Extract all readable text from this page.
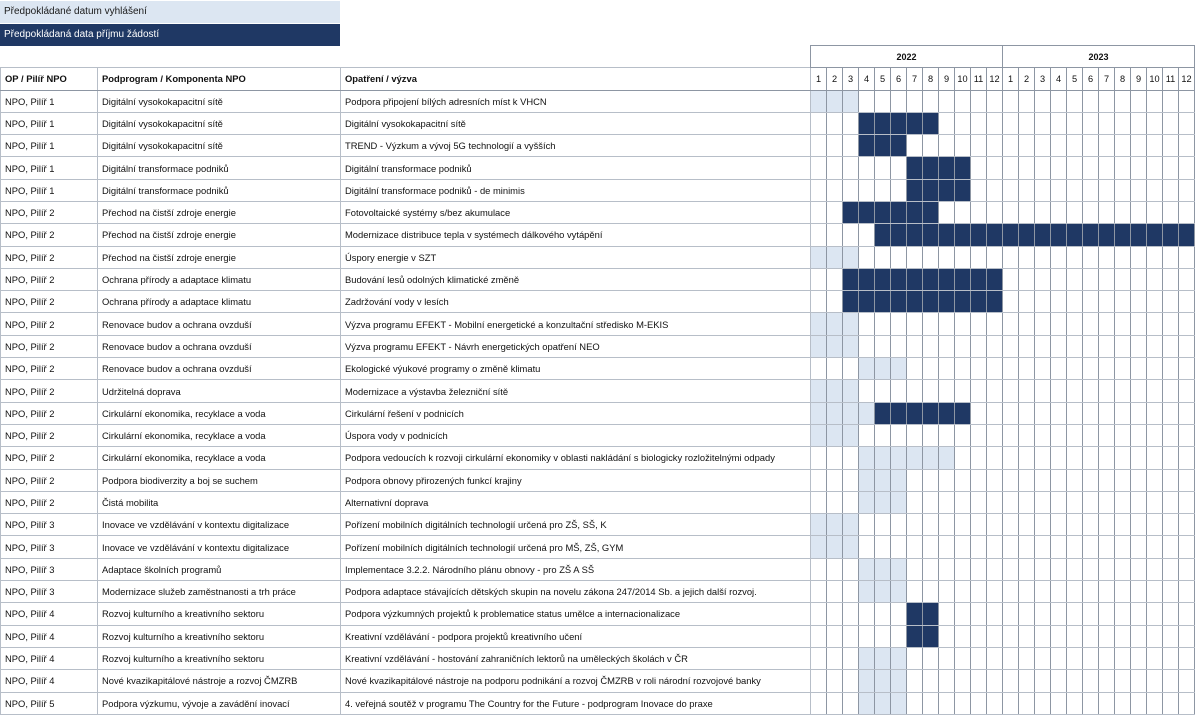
Předpokládané datum vyhlášení
Předpokládaná data příjmu žádostí
			2022												2023											
OP / Pilíř NPO	Podprogram / Komponenta NPO	Opatření / výzva	1	2	3	4	5	6	7	8	9	10	11	12	1	2	3	4	5	6	7	8	9	10	11	12
NPO, Pilíř 1	Digitální vysokokapacitní sítě	Podpora připojení bílých adresních míst k VHCN																								
NPO, Pilíř 1	Digitální vysokokapacitní sítě	Digitální vysokokapacitní sítě																								
NPO, Pilíř 1	Digitální vysokokapacitní sítě	TREND - Výzkum a vývoj 5G technologií a vyšších																								
NPO, Pilíř 1	Digitální transformace podniků	Digitální transformace podniků																								
NPO, Pilíř 1	Digitální transformace podniků	Digitální transformace podniků - de minimis																								
NPO, Pilíř 2	Přechod na čistší zdroje energie	Fotovoltaické systémy s/bez akumulace																								
NPO, Pilíř 2	Přechod na čistší zdroje energie	Modernizace distribuce tepla v systémech dálkového vytápění																								
NPO, Pilíř 2	Přechod na čistší zdroje energie	Úspory energie v SZT																								
NPO, Pilíř 2	Ochrana přírody a adaptace klimatu	Budování lesů odolných klimatické změně																								
NPO, Pilíř 2	Ochrana přírody a adaptace klimatu	Zadržování vody v lesích																								
NPO, Pilíř 2	Renovace budov a ochrana ovzduší	Výzva programu EFEKT - Mobilní energetické a konzultační středisko M-EKIS																								
NPO, Pilíř 2	Renovace budov a ochrana ovzduší	Výzva programu EFEKT - Návrh energetických opatření NEO																								
NPO, Pilíř 2	Renovace budov a ochrana ovzduší	Ekologické výukové programy o změně klimatu																								
NPO, Pilíř 2	Udržitelná doprava	Modernizace a výstavba železniční sítě																								
NPO, Pilíř 2	Cirkulární ekonomika, recyklace a voda	Cirkulární řešení v podnicích																								
NPO, Pilíř 2	Cirkulární ekonomika, recyklace a voda	Úspora vody v podnicích																								
NPO, Pilíř 2	Cirkulární ekonomika, recyklace a voda	Podpora vedoucích k rozvoji cirkulární ekonomiky v oblasti nakládání s biologicky rozložitelnými odpady																								
NPO, Pilíř 2	Podpora biodiverzity a boj se suchem	Podpora obnovy přirozených funkcí krajiny																								
NPO, Pilíř 2	Čistá mobilita	Alternativní doprava																								
NPO, Pilíř 3	Inovace ve vzdělávání v kontextu digitalizace	Pořízení mobilních digitálních technologií určená pro ZŠ, SŠ, K																								
NPO, Pilíř 3	Inovace ve vzdělávání v kontextu digitalizace	Pořízení mobilních digitálních technologií určená pro MŠ, ZŠ, GYM																								
NPO, Pilíř 3	Adaptace školních programů	Implementace 3.2.2. Národního plánu obnovy - pro ZŠ A SŠ																								
NPO, Pilíř 3	Modernizace služeb zaměstnanosti a trh práce	Podpora adaptace stávajících dětských skupin na novelu zákona 247/2014 Sb. a jejich další rozvoj.																								
NPO, Pilíř 4	Rozvoj kulturního a kreativního sektoru	Podpora výzkumných projektů k problematice status umělce a internacionalizace																								
NPO, Pilíř 4	Rozvoj kulturního a kreativního sektoru	Kreativní vzdělávání - podpora projektů kreativního učení																								
NPO, Pilíř 4	Rozvoj kulturního a kreativního sektoru	Kreativní vzdělávání - hostování zahraničních lektorů na uměleckých školách v ČR																								
NPO, Pilíř 4	Nové kvazikapitálové nástroje a rozvoj ČMZRB	Nové kvazikapitálové nástroje na podporu podnikání a rozvoj ČMZRB v roli národní rozvojové banky																								
NPO, Pilíř 5	Podpora výzkumu, vývoje a zavádění inovací	4. veřejná soutěž v programu The Country for the Future - podprogram Inovace do praxe																								
